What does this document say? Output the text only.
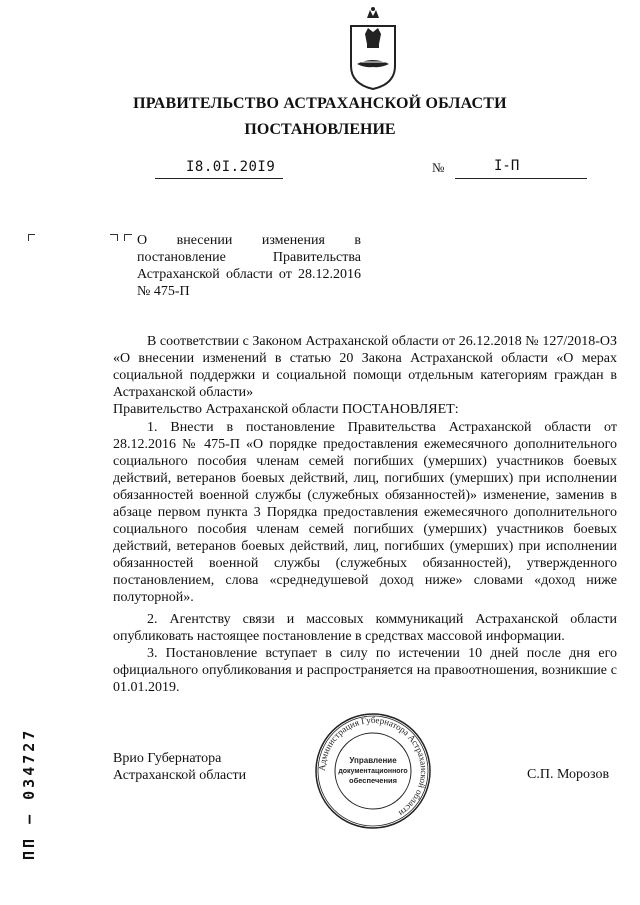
ПРАВИТЕЛЬСТВО АСТРАХАНСКОЙ ОБЛАСТИ
ПОСТАНОВЛЕНИЕ
I8.0I.20I9	№	I-П
О внесении изменения в постановление Правительства Астраханской области от 28.12.2016 № 475-П
В соответствии с Законом Астраханской области от 26.12.2018 № 127/2018-ОЗ «О внесении изменений в статью 20 Закона Астраханской области «О мерах социальной поддержки и социальной помощи отдельным категориям граждан в Астраханской области»
Правительство Астраханской области ПОСТАНОВЛЯЕТ:
1. Внести в постановление Правительства Астраханской области от 28.12.2016 № 475-П «О порядке предоставления ежемесячного дополнительного социального пособия членам семей погибших (умерших) участников боевых действий, ветеранов боевых действий, лиц, погибших (умерших) при исполнении обязанностей военной службы (служебных обязанностей)» изменение, заменив в абзаце первом пункта 3 Порядка предоставления ежемесячного дополнительного социального пособия членам семей погибших (умерших) участников боевых действий, ветеранов боевых действий, лиц, погибших (умерших) при исполнении обязанностей военной службы (служебных обязанностей), утвержденного постановлением, слова «среднедушевой доход ниже» словами «доход ниже полуторной».
2. Агентству связи и массовых коммуникаций Астраханской области опубликовать настоящее постановление в средствах массовой информации.
3. Постановление вступает в силу по истечении 10 дней после дня его официального опубликования и распространяется на правоотношения, возникшие с 01.01.2019.
Врио Губернатора
Астраханской области	С.П. Морозов
Администрация Губернатора Астраханской области
Управление
документационного
обеспечения
ПП – 034727
